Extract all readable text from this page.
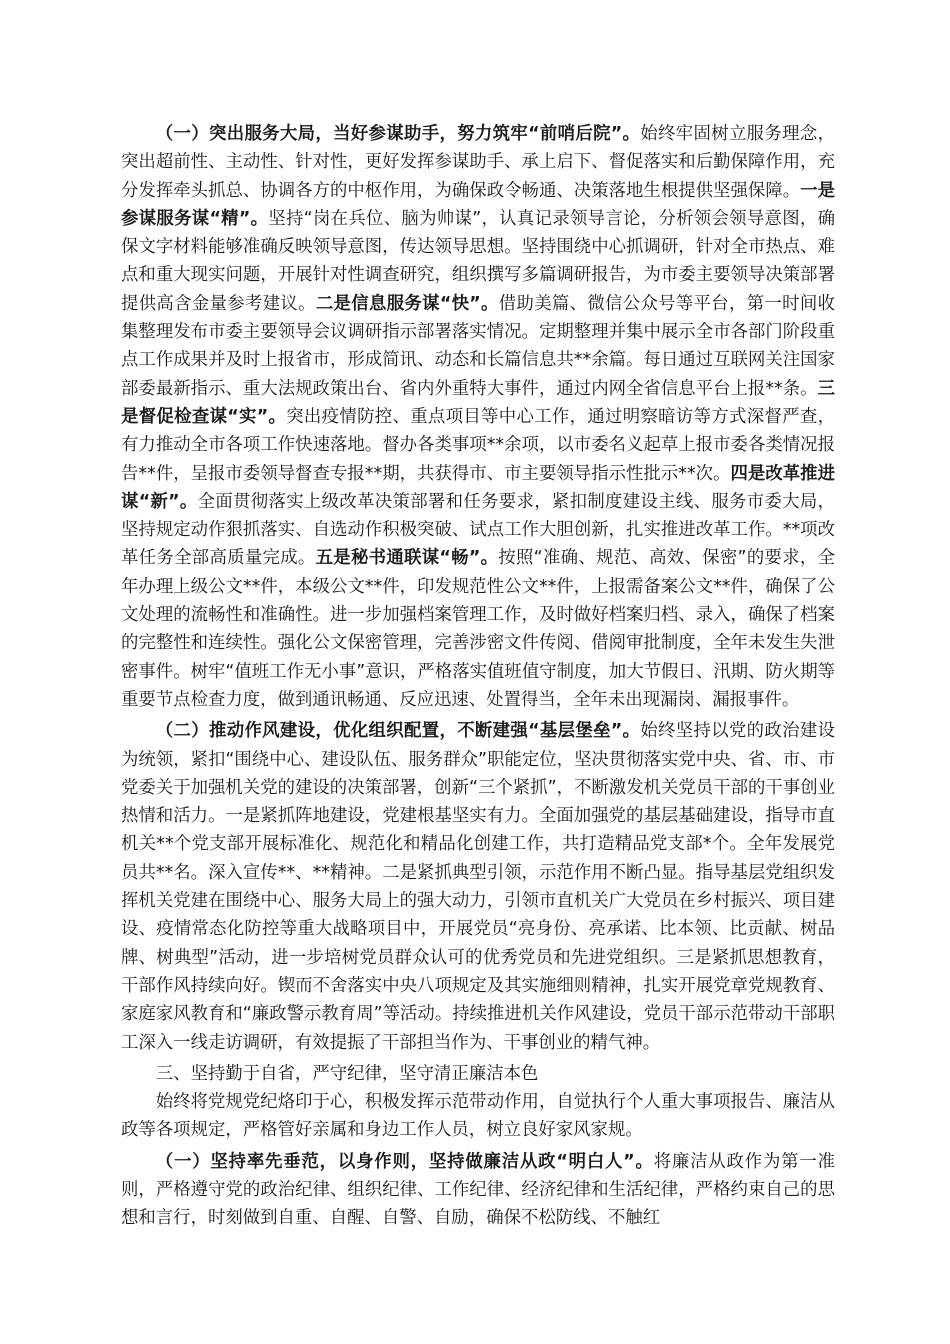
（一）突出服务大局，当好参谋助手，努力筑牢“前哨后院”。始终牢固树立服务理念，突出超前性、主动性、针对性，更好发挥参谋助手、承上启下、督促落实和后勤保障作用，充分发挥牵头抓总、协调各方的中枢作用，为确保政令畅通、决策落地生根提供坚强保障。一是参谋服务谋“精”。坚持“岗在兵位、脑为帅谋”，认真记录领导言论，分析领会领导意图，确保文字材料能够准确反映领导意图，传达领导思想。坚持围绕中心抓调研，针对全市热点、难点和重大现实问题，开展针对性调查研究，组织撰写多篇调研报告，为市委主要领导决策部署提供高含金量参考建议。二是信息服务谋“快”。借助美篇、微信公众号等平台，第一时间收集整理发布市委主要领导会议调研指示部署落实情况。定期整理并集中展示全市各部门阶段重点工作成果并及时上报省市，形成简讯、动态和长篇信息共**余篇。每日通过互联网关注国家部委最新指示、重大法规政策出台、省内外重特大事件，通过内网全省信息平台上报**条。三是督促检查谋“实”。突出疫情防控、重点项目等中心工作，通过明察暗访等方式深督严查，有力推动全市各项工作快速落地。督办各类事项**余项，以市委名义起草上报市委各类情况报告**件，呈报市委领导督查专报**期，共获得市、市主要领导指示性批示**次。四是改革推进谋“新”。全面贯彻落实上级改革决策部署和任务要求，紧扣制度建设主线、服务市委大局，坚持规定动作狠抓落实、自选动作积极突破、试点工作大胆创新，扎实推进改革工作。**项改革任务全部高质量完成。五是秘书通联谋“畅”。按照“准确、规范、高效、保密”的要求，全年办理上级公文**件，本级公文**件，印发规范性公文**件，上报需备案公文**件，确保了公文处理的流畅性和准确性。进一步加强档案管理工作，及时做好档案归档、录入，确保了档案的完整性和连续性。强化公文保密管理，完善涉密文件传阅、借阅审批制度，全年未发生失泄密事件。树牢“值班工作无小事”意识，严格落实值班值守制度，加大节假日、汛期、防火期等重要节点检查力度，做到通讯畅通、反应迅速、处置得当，全年未出现漏岗、漏报事件。

（二）推动作风建设，优化组织配置，不断建强“基层堡垒”。始终坚持以党的政治建设为统领，紧扣“围绕中心、建设队伍、服务群众”职能定位，坚决贯彻落实党中央、省、市、市党委关于加强机关党的建设的决策部署，创新“三个紧抓”，不断激发机关党员干部的干事创业热情和活力。一是紧抓阵地建设，党建根基坚实有力。全面加强党的基层基础建设，指导市直机关**个党支部开展标准化、规范化和精品化创建工作，共打造精品党支部*个。全年发展党员共**名。深入宣传**、**精神。二是紧抓典型引领，示范作用不断凸显。指导基层党组织发挥机关党建在围绕中心、服务大局上的强大动力，引领市直机关广大党员在乡村振兴、项目建设、疫情常态化防控等重大战略项目中，开展党员“亮身份、亮承诺、比本领、比贡献、树品牌、树典型”活动，进一步培树党员群众认可的优秀党员和先进党组织。三是紧抓思想教育，干部作风持续向好。锲而不舍落实中央八项规定及其实施细则精神，扎实开展党章党规教育、家庭家风教育和“廉政警示教育周”等活动。持续推进机关作风建设，党员干部示范带动干部职工深入一线走访调研，有效提振了干部担当作为、干事创业的精气神。

三、坚持勤于自省，严守纪律，坚守清正廉洁本色

始终将党规党纪烙印于心，积极发挥示范带动作用，自觉执行个人重大事项报告、廉洁从政等各项规定，严格管好亲属和身边工作人员，树立良好家风家规。

（一）坚持率先垂范，以身作则，坚持做廉洁从政“明白人”。将廉洁从政作为第一准则，严格遵守党的政治纪律、组织纪律、工作纪律、经济纪律和生活纪律，严格约束自己的思想和言行，时刻做到自重、自醒、自警、自励，确保不松防线、不触红
